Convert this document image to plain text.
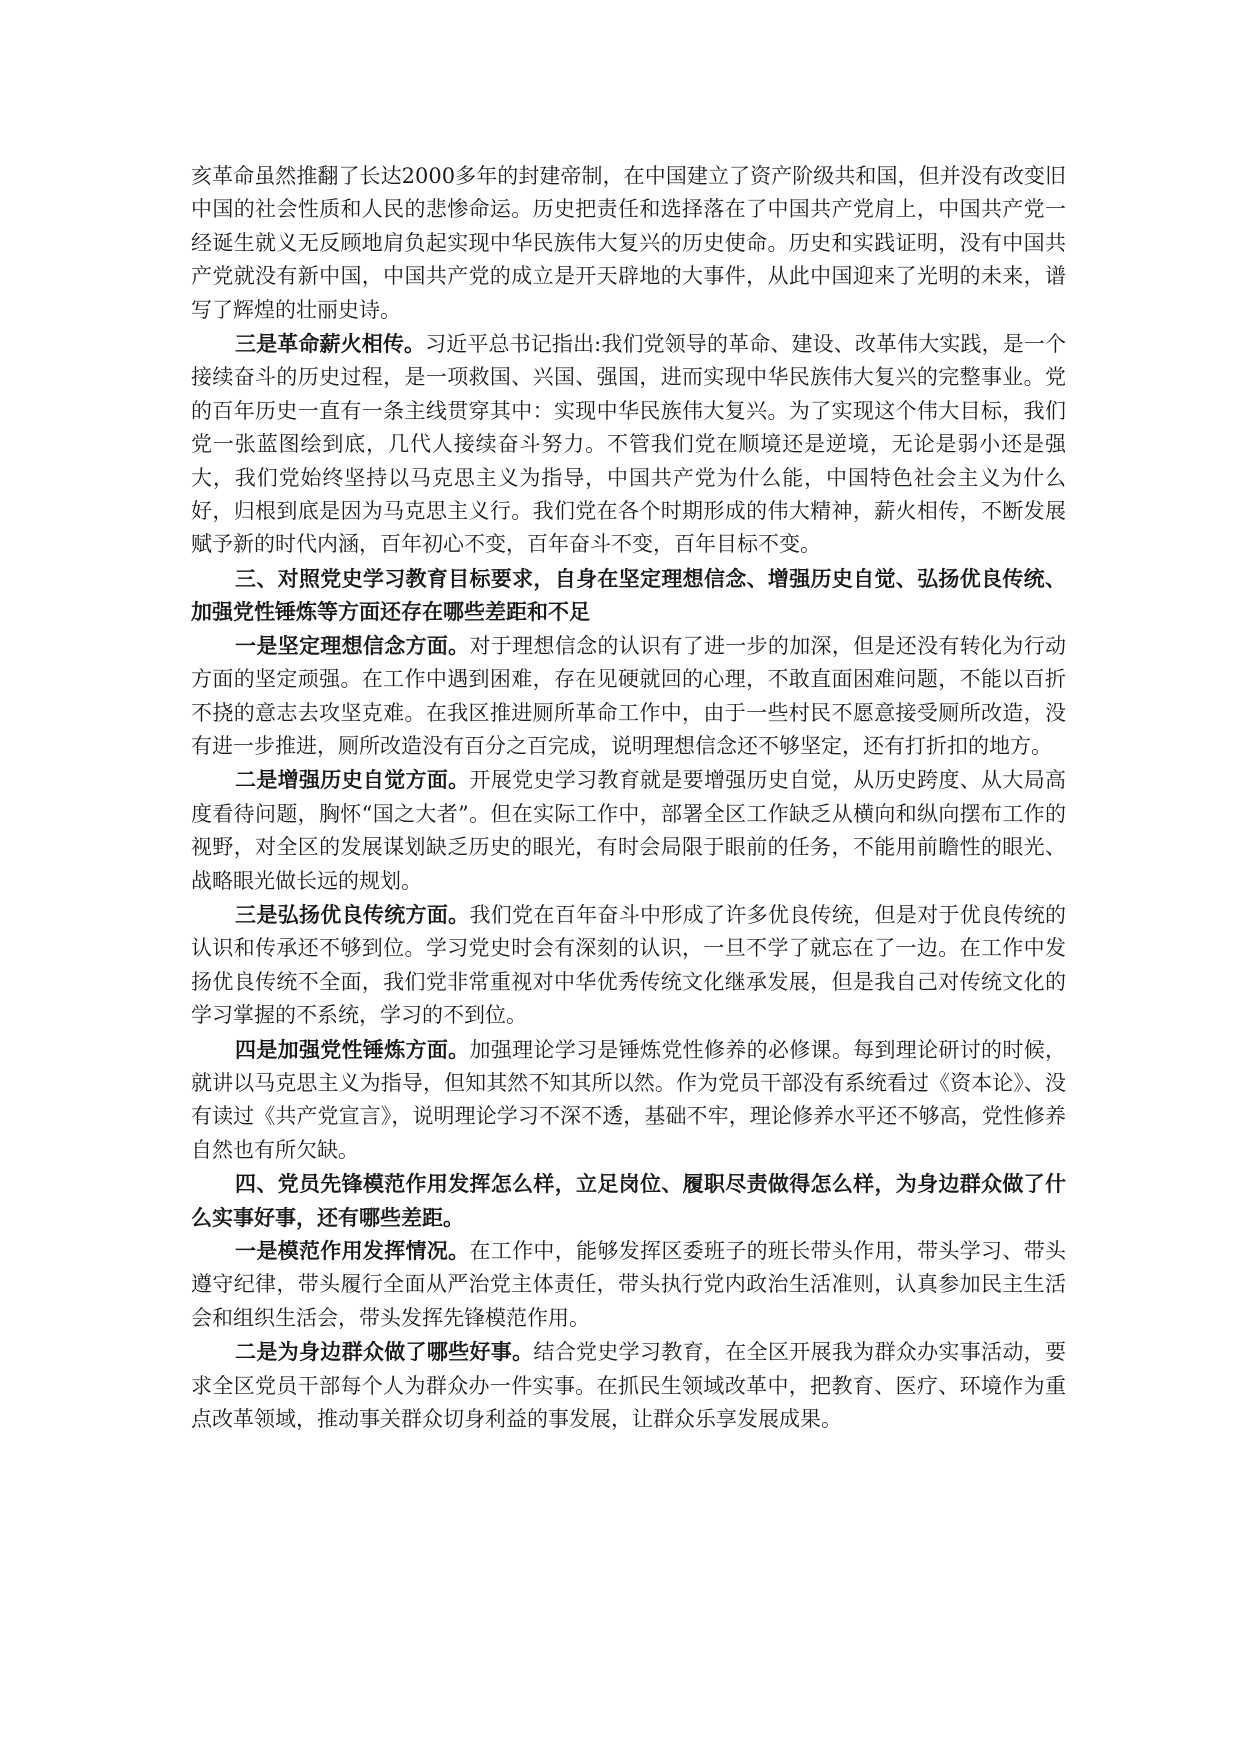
亥革命虽然推翻了长达2000多年的封建帝制，在中国建立了资产阶级共和国，但并没有改变旧中国的社会性质和人民的悲惨命运。历史把责任和选择落在了中国共产党肩上，中国共产党一经诞生就义无反顾地肩负起实现中华民族伟大复兴的历史使命。历史和实践证明，没有中国共产党就没有新中国，中国共产党的成立是开天辟地的大事件，从此中国迎来了光明的未来，谱写了辉煌的壮丽史诗。

三是革命薪火相传。习近平总书记指出:我们党领导的革命、建设、改革伟大实践，是一个接续奋斗的历史过程，是一项救国、兴国、强国，进而实现中华民族伟大复兴的完整事业。党的百年历史一直有一条主线贯穿其中：实现中华民族伟大复兴。为了实现这个伟大目标，我们党一张蓝图绘到底，几代人接续奋斗努力。不管我们党在顺境还是逆境，无论是弱小还是强大，我们党始终坚持以马克思主义为指导，中国共产党为什么能，中国特色社会主义为什么好，归根到底是因为马克思主义行。我们党在各个时期形成的伟大精神，薪火相传，不断发展赋予新的时代内涵，百年初心不变，百年奋斗不变，百年目标不变。

三、对照党史学习教育目标要求，自身在坚定理想信念、增强历史自觉、弘扬优良传统、加强党性锤炼等方面还存在哪些差距和不足

一是坚定理想信念方面。对于理想信念的认识有了进一步的加深，但是还没有转化为行动方面的坚定顽强。在工作中遇到困难，存在见硬就回的心理，不敢直面困难问题，不能以百折不挠的意志去攻坚克难。在我区推进厕所革命工作中，由于一些村民不愿意接受厕所改造，没有进一步推进，厕所改造没有百分之百完成，说明理想信念还不够坚定，还有打折扣的地方。

二是增强历史自觉方面。开展党史学习教育就是要增强历史自觉，从历史跨度、从大局高度看待问题，胸怀“国之大者”。但在实际工作中，部署全区工作缺乏从横向和纵向摆布工作的视野，对全区的发展谋划缺乏历史的眼光，有时会局限于眼前的任务，不能用前瞻性的眼光、战略眼光做长远的规划。

三是弘扬优良传统方面。我们党在百年奋斗中形成了许多优良传统，但是对于优良传统的认识和传承还不够到位。学习党史时会有深刻的认识，一旦不学了就忘在了一边。在工作中发扬优良传统不全面，我们党非常重视对中华优秀传统文化继承发展，但是我自己对传统文化的学习掌握的不系统，学习的不到位。

四是加强党性锤炼方面。加强理论学习是锤炼党性修养的必修课。每到理论研讨的时候，就讲以马克思主义为指导，但知其然不知其所以然。作为党员干部没有系统看过《资本论》、没有读过《共产党宣言》，说明理论学习不深不透，基础不牢，理论修养水平还不够高，党性修养自然也有所欠缺。

四、党员先锋模范作用发挥怎么样，立足岗位、履职尽责做得怎么样，为身边群众做了什么实事好事，还有哪些差距。

一是模范作用发挥情况。在工作中，能够发挥区委班子的班长带头作用，带头学习、带头遵守纪律，带头履行全面从严治党主体责任，带头执行党内政治生活准则，认真参加民主生活会和组织生活会，带头发挥先锋模范作用。

二是为身边群众做了哪些好事。结合党史学习教育，在全区开展我为群众办实事活动，要求全区党员干部每个人为群众办一件实事。在抓民生领域改革中，把教育、医疗、环境作为重点改革领域，推动事关群众切身利益的事发展，让群众乐享发展成果。
